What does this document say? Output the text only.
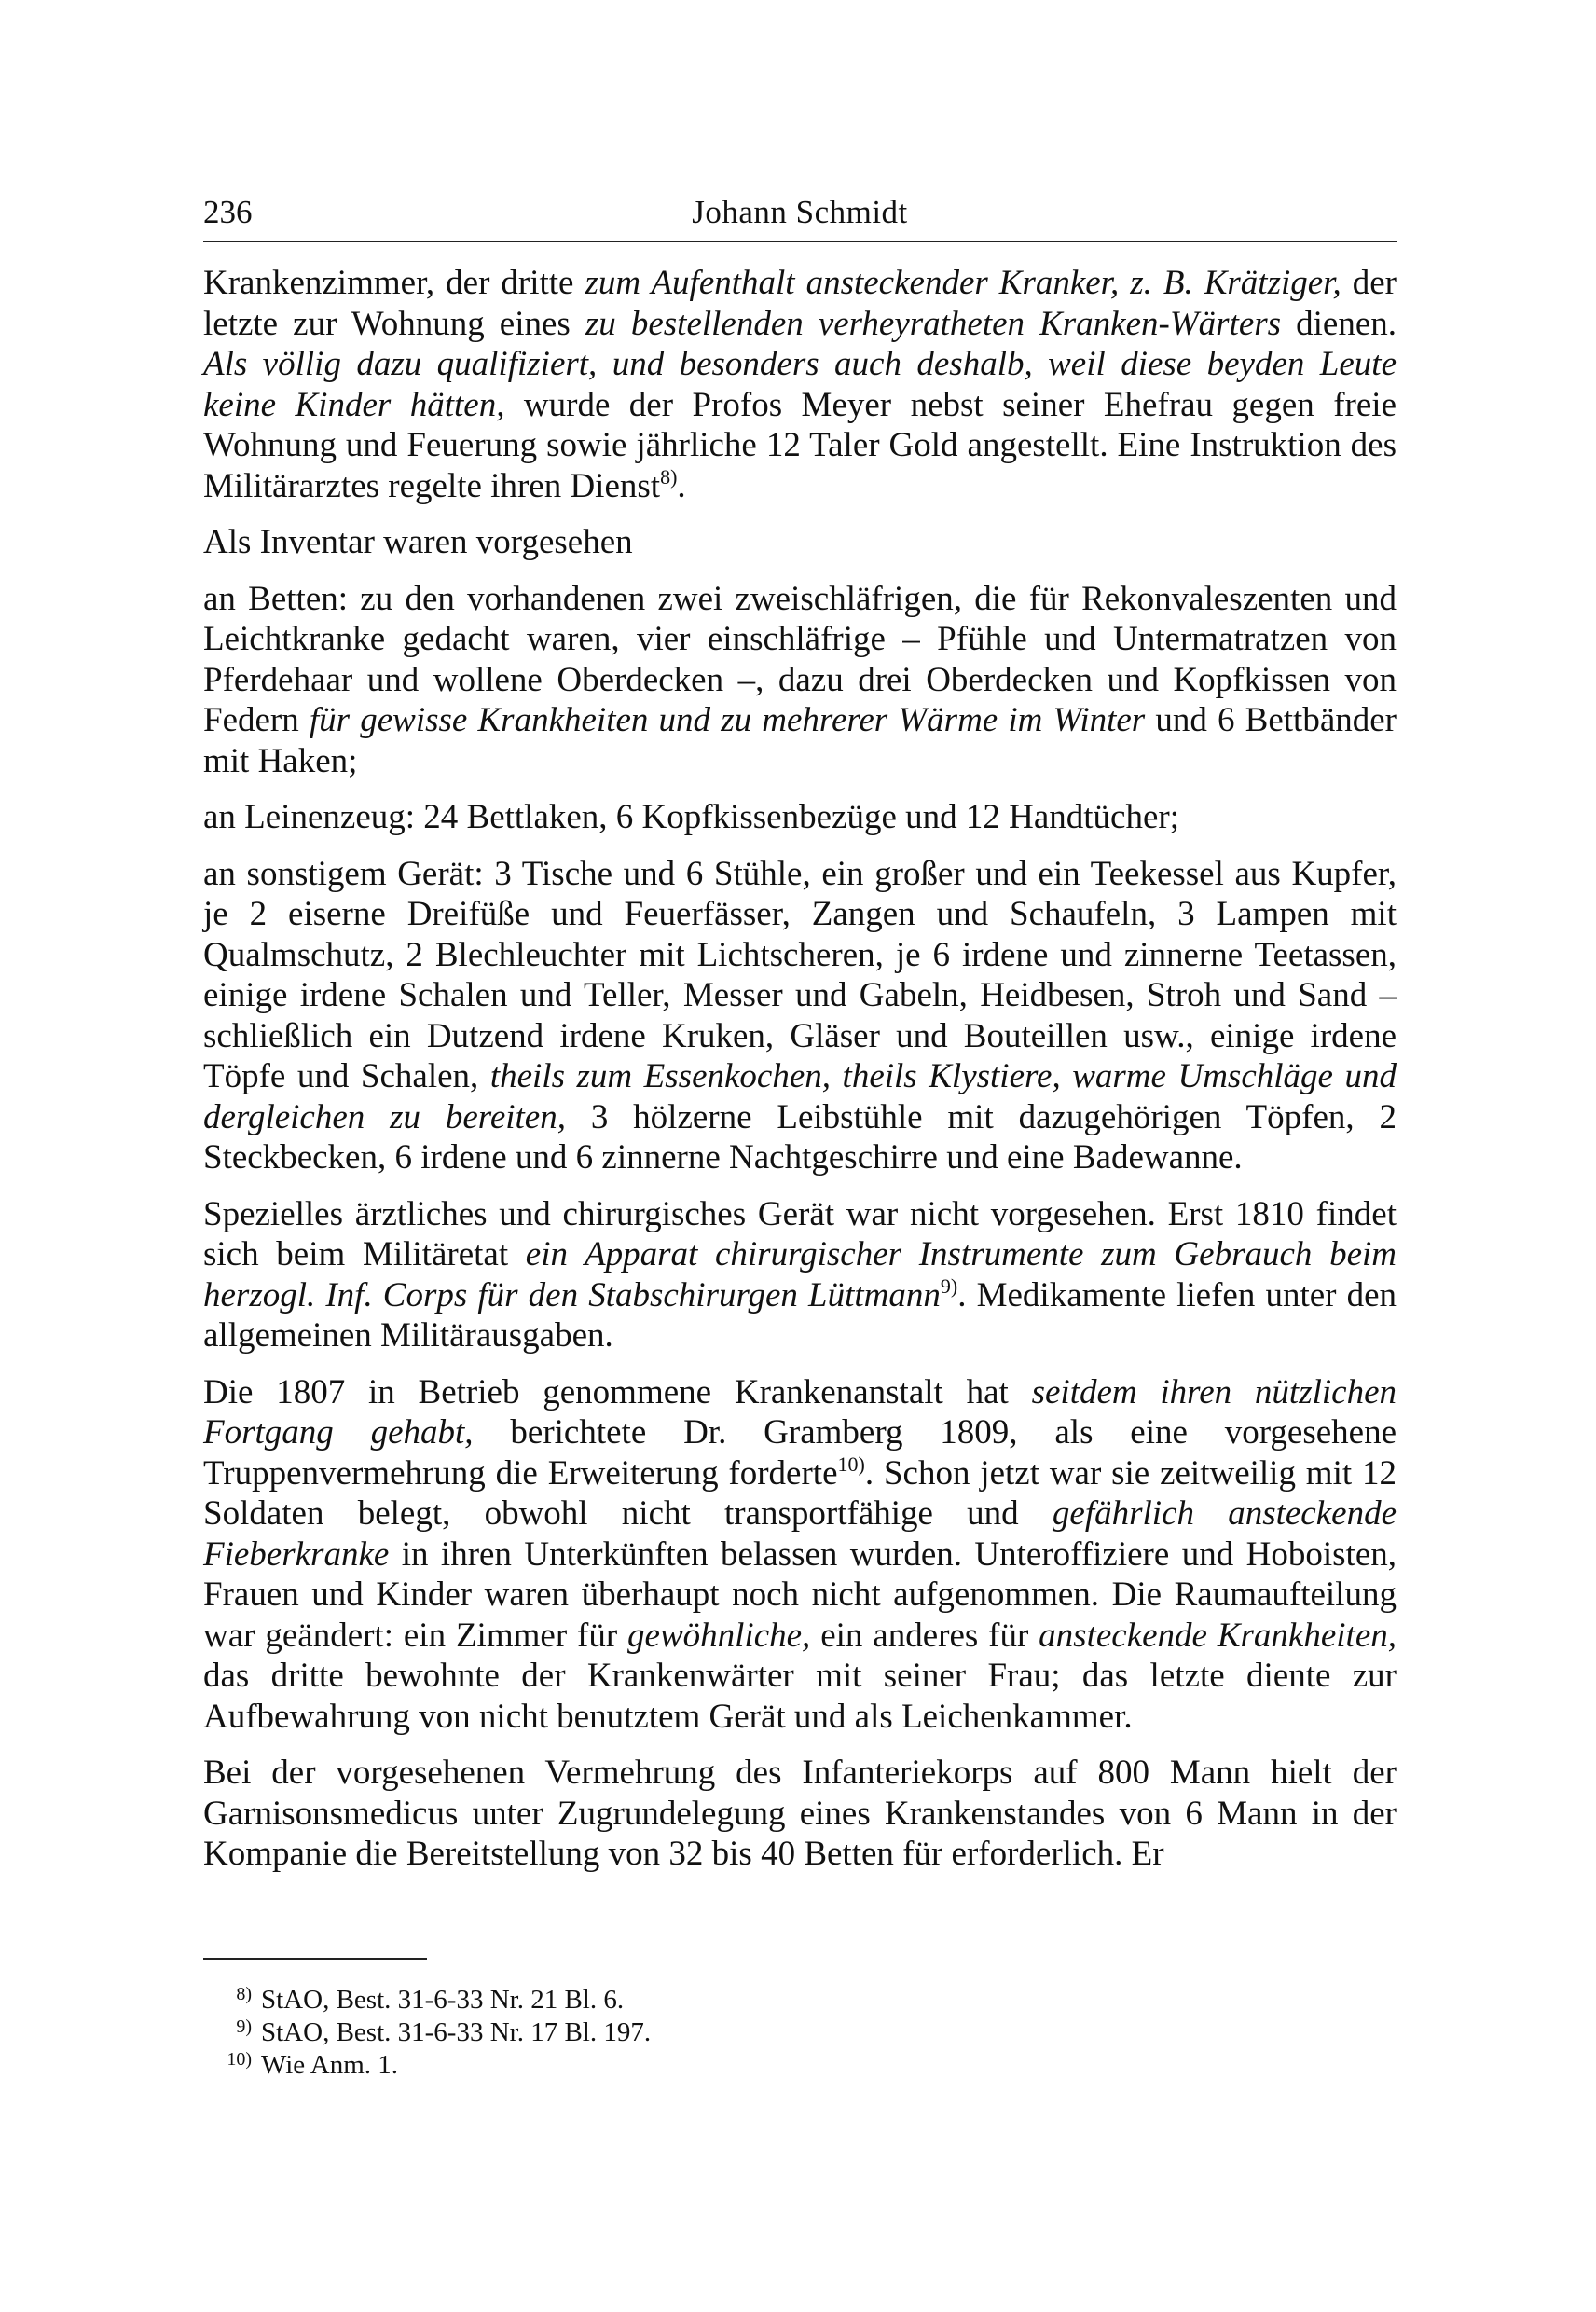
236	Johann Schmidt

Krankenzimmer, der dritte zum Aufenthalt ansteckender Kranker, z. B. Krätziger, der letzte zur Wohnung eines zu bestellenden verheyratheten Kranken-Wärters dienen. Als völlig dazu qualifiziert, und besonders auch deshalb, weil diese beyden Leute keine Kinder hätten, wurde der Profos Meyer nebst seiner Ehefrau gegen freie Wohnung und Feuerung sowie jährliche 12 Taler Gold angestellt. Eine Instruktion des Militärarztes regelte ihren Dienst$^{8)}$.

Als Inventar waren vorgesehen

an Betten: zu den vorhandenen zwei zweischläfrigen, die für Rekonvaleszenten und Leichtkranke gedacht waren, vier einschläfrige – Pfühle und Untermatratzen von Pferdehaar und wollene Oberdecken –, dazu drei Oberdecken und Kopfkissen von Federn für gewisse Krankheiten und zu mehrerer Wärme im Winter und 6 Bettbänder mit Haken;

an Leinenzeug: 24 Bettlaken, 6 Kopfkissenbezüge und 12 Handtücher;

an sonstigem Gerät: 3 Tische und 6 Stühle, ein großer und ein Teekessel aus Kupfer, je 2 eiserne Dreifüße und Feuerfässer, Zangen und Schaufeln, 3 Lampen mit Qualmschutz, 2 Blechleuchter mit Lichtscheren, je 6 irdene und zinnerne Teetassen, einige irdene Schalen und Teller, Messer und Gabeln, Heidbesen, Stroh und Sand – schließlich ein Dutzend irdene Kruken, Gläser und Bouteillen usw., einige irdene Töpfe und Schalen, theils zum Essenkochen, theils Klystiere, warme Umschläge und dergleichen zu bereiten, 3 hölzerne Leibstühle mit dazugehörigen Töpfen, 2 Steckbecken, 6 irdene und 6 zinnerne Nachtgeschirre und eine Badewanne.

Spezielles ärztliches und chirurgisches Gerät war nicht vorgesehen. Erst 1810 findet sich beim Militäretat ein Apparat chirurgischer Instrumente zum Gebrauch beim herzogl. Inf. Corps für den Stabschirurgen Lüttmann$^{9)}$. Medikamente liefen unter den allgemeinen Militärausgaben.

Die 1807 in Betrieb genommene Krankenanstalt hat seitdem ihren nützlichen Fortgang gehabt, berichtete Dr. Gramberg 1809, als eine vorgesehene Truppenvermehrung die Erweiterung forderte$^{10)}$. Schon jetzt war sie zeitweilig mit 12 Soldaten belegt, obwohl nicht transportfähige und gefährlich ansteckende Fieberkranke in ihren Unterkünften belassen wurden. Unteroffiziere und Hoboisten, Frauen und Kinder waren überhaupt noch nicht aufgenommen. Die Raumaufteilung war geändert: ein Zimmer für gewöhnliche, ein anderes für ansteckende Krankheiten, das dritte bewohnte der Krankenwärter mit seiner Frau; das letzte diente zur Aufbewahrung von nicht benutztem Gerät und als Leichenkammer.

Bei der vorgesehenen Vermehrung des Infanteriekorps auf 800 Mann hielt der Garnisonsmedicus unter Zugrundelegung eines Krankenstandes von 6 Mann in der Kompanie die Bereitstellung von 32 bis 40 Betten für erforderlich. Er

8) StAO, Best. 31-6-33 Nr. 21 Bl. 6.
9) StAO, Best. 31-6-33 Nr. 17 Bl. 197.
10) Wie Anm. 1.
